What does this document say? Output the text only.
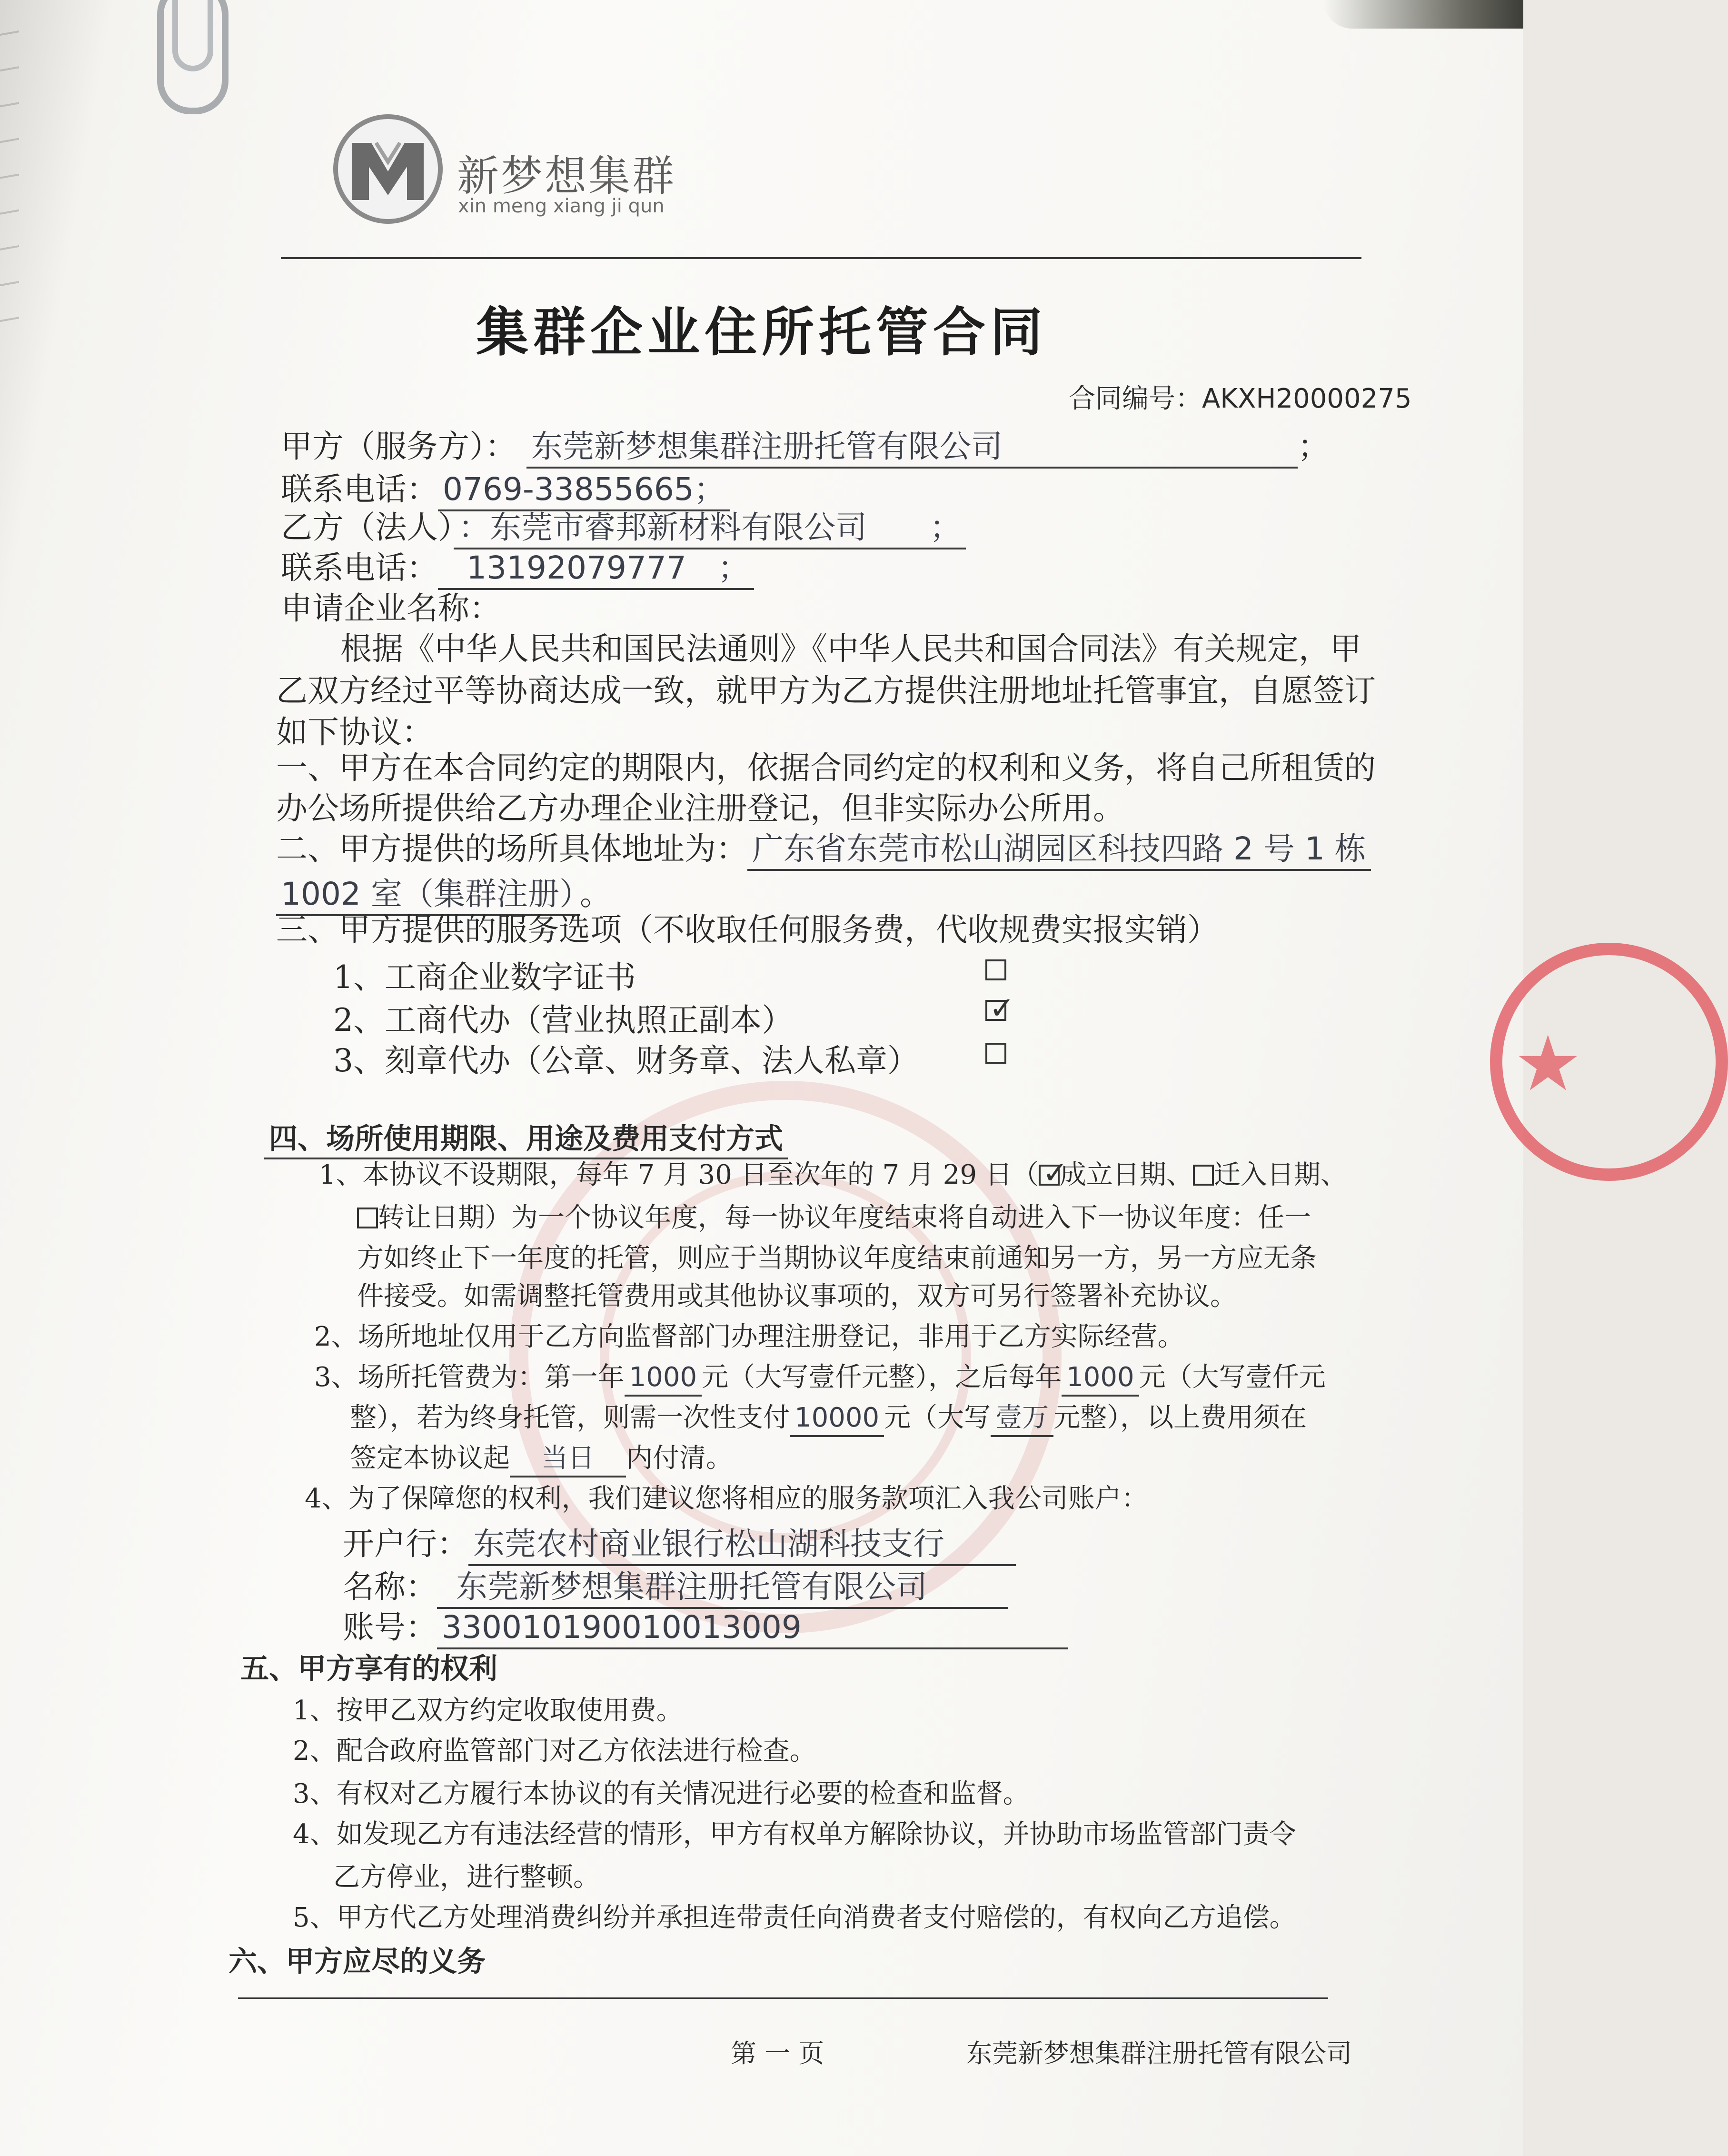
新梦想集群
xin meng xiang ji qun
集群企业住所托管合同
合同编号：AKXH20000275
甲方（服务方）： 东莞新梦想集群注册托管有限公司	；
联系电话： 0769-33855665；
乙方（法人） ：东莞市睿邦新材料有限公司　　；
联系电话： 13192079777　；
申请企业名称：
根据《中华人民共和国民法通则》《中华人民共和国合同法》有关规定，甲
乙双方经过平等协商达成一致，就甲方为乙方提供注册地址托管事宜，自愿签订
如下协议：
一、甲方在本合同约定的期限内，依据合同约定的权利和义务，将自己所租赁的
办公场所提供给乙方办理企业注册登记，但非实际办公所用。
二、甲方提供的场所具体地址为： 广东省东莞市松山湖园区科技四路 2 号 1 栋
1002 室（集群注册） 。
三、甲方提供的服务选项（不收取任何服务费，代收规费实报实销）
1、工商企业数字证书
2、工商代办（营业执照正副本）	✓
3、刻章代办（公章、财务章、法人私章）
四、场所使用期限、用途及费用支付方式
1、本协议不设期限，每年 7 月 30 日至次年的 7 月 29 日（ ✓
成立日期、 迁入日期、
转让日期）为一个协议年度，每一协议年度结束将自动进入下一协议年度：任一
方如终止下一年度的托管，则应于当期协议年度结束前通知另一方，另一方应无条
件接受。如需调整托管费用或其他协议事项的，双方可另行签署补充协议。
2、场所地址仅用于乙方向监督部门办理注册登记，非用于乙方实际经营。
3、场所托管费为：第一年 1000 元（大写壹仟元整），之后每年 1000 元（大写壹仟元
整），若为终身托管，则需一次性支付 10000 元（大写 壹万 元整），以上费用须在
签定本协议起　当日　内付清。
4、为了保障您的权利，我们建议您将相应的服务款项汇入我公司账户：
开户行： 东莞农村商业银行松山湖科技支行
名称： 东莞新梦想集群注册托管有限公司
账号： 330010190010013009
五、甲方享有的权利
1、按甲乙双方约定收取使用费。
2、配合政府监管部门对乙方依法进行检查。
3、有权对乙方履行本协议的有关情况进行必要的检查和监督。
4、如发现乙方有违法经营的情形，甲方有权单方解除协议，并协助市场监管部门责令
乙方停业，进行整顿。
5、甲方代乙方处理消费纠纷并承担连带责任向消费者支付赔偿的，有权向乙方追偿。
六、甲方应尽的义务
第 一 页	东莞新梦想集群注册托管有限公司
★
